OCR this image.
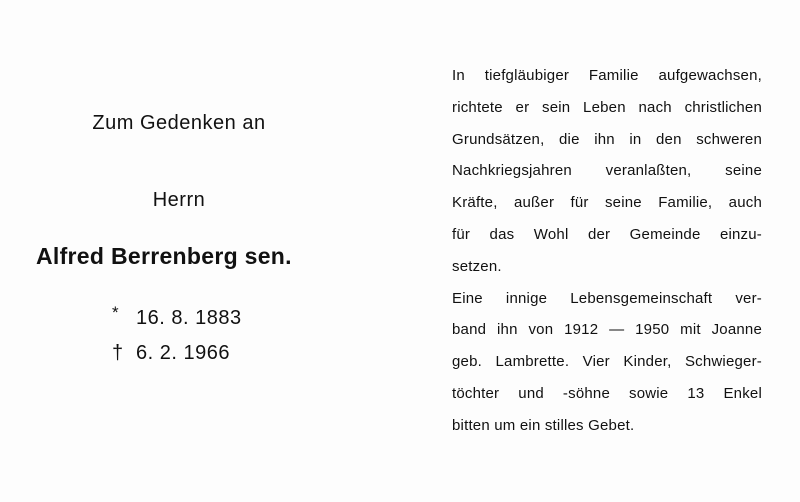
Zum Gedenken an
Herrn
Alfred Berrenberg sen.
* 16. 8. 1883
† 6. 2. 1966

In tiefgläubiger Familie aufgewachsen,
richtete er sein Leben nach christlichen
Grundsätzen, die ihn in den schweren
Nachkriegsjahren veranlaßten, seine
Kräfte, außer für seine Familie, auch
für das Wohl der Gemeinde einzu-
setzen.

Eine innige Lebensgemeinschaft ver-
band ihn von 1912 — 1950 mit Joanne
geb. Lambrette. Vier Kinder, Schwieger-
töchter und -söhne sowie 13 Enkel
bitten um ein stilles Gebet.
